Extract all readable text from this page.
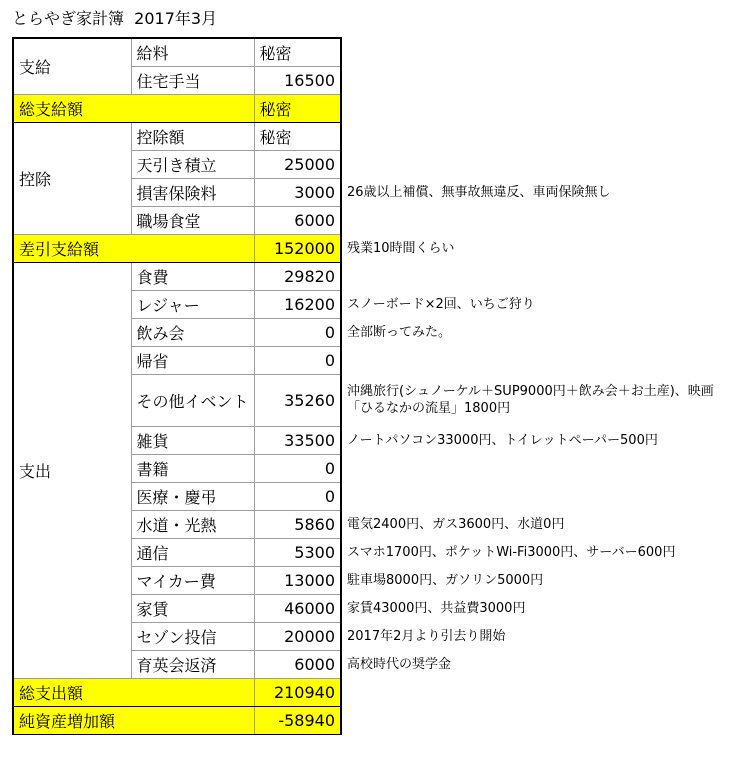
とらやぎ家計簿  2017年3月
支給	給料	秘密	
	住宅手当	16500	
総支給額		秘密	
控除	控除額	秘密	
	天引き積立	25000	
	損害保険料	3000	26歳以上補償、無事故無違反、車両保険無し
	職場食堂	6000	
差引支給額		152000	残業10時間くらい
支出	食費	29820	
	レジャー	16200	スノーボード×2回、いちご狩り
	飲み会	0	全部断ってみた。
	帰省	0	
	その他イベント	35260	沖縄旅行(シュノーケル＋SUP9000円＋飲み会＋お土産)、映画「ひるなかの流星」1800円
	雑貨	33500	ノートパソコン33000円、トイレットペーパー500円
	書籍	0	
	医療・慶弔	0	
	水道・光熱	5860	電気2400円、ガス3600円、水道0円
	通信	5300	スマホ1700円、ポケットWi-Fi3000円、サーバー600円
	マイカー費	13000	駐車場8000円、ガソリン5000円
	家賃	46000	家賃43000円、共益費3000円
	セゾン投信	20000	2017年2月より引去り開始
	育英会返済	6000	高校時代の奨学金
総支出額		210940	
純資産増加額		-58940	
